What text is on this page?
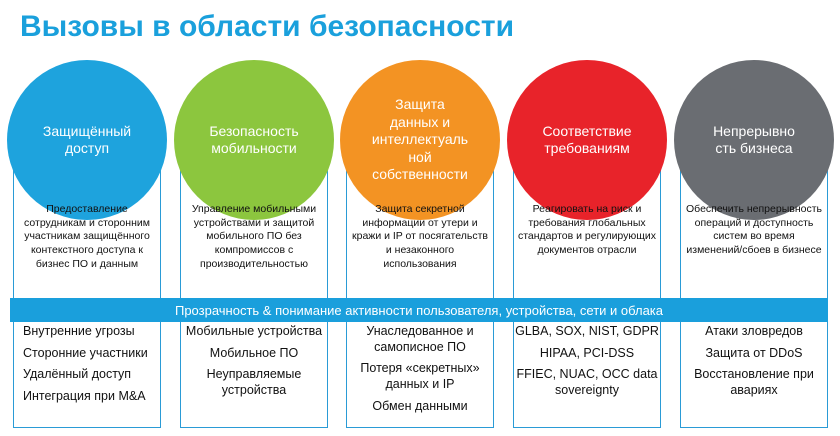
Вызовы в области безопасности
Защищённый
доступ

Предоставление сотрудникам и сторонним участникам защищённого контекстного доступа к бизнес ПО и данным

Внутренние угрозы
Сторонние участники
Удалённый доступ
Интеграция при M&A
Безопасность
мобильности

Управление мобильными устройствами и защитой мобильного ПО без компромиссов с производительностью

Мобильные устройства
Мобильное ПО
Неуправляемые устройства
Защита
данных и
интеллектуаль
ной
собственности

Защита секретной информации от утери и кражи и IP от посягательств и незаконного использования

Унаследованное и самописное ПО
Потеря «секретных» данных и IP
Обмен данными
Соответствие
требованиям

Реагировать на риск и требования глобальных стандартов и регулирующих документов отрасли

GLBA, SOX, NIST, GDPR
HIPAA, PCI-DSS
FFIEC, NUAC, OCC data sovereignty
Непрерывно
сть бизнеса

Обеспечить непрерывность операций и доступность систем во время изменений/сбоев в бизнесе

Атаки зловредов
Защита от DDoS
Восстановление при авариях
Прозрачность & понимание активности пользователя, устройства, сети и облака
